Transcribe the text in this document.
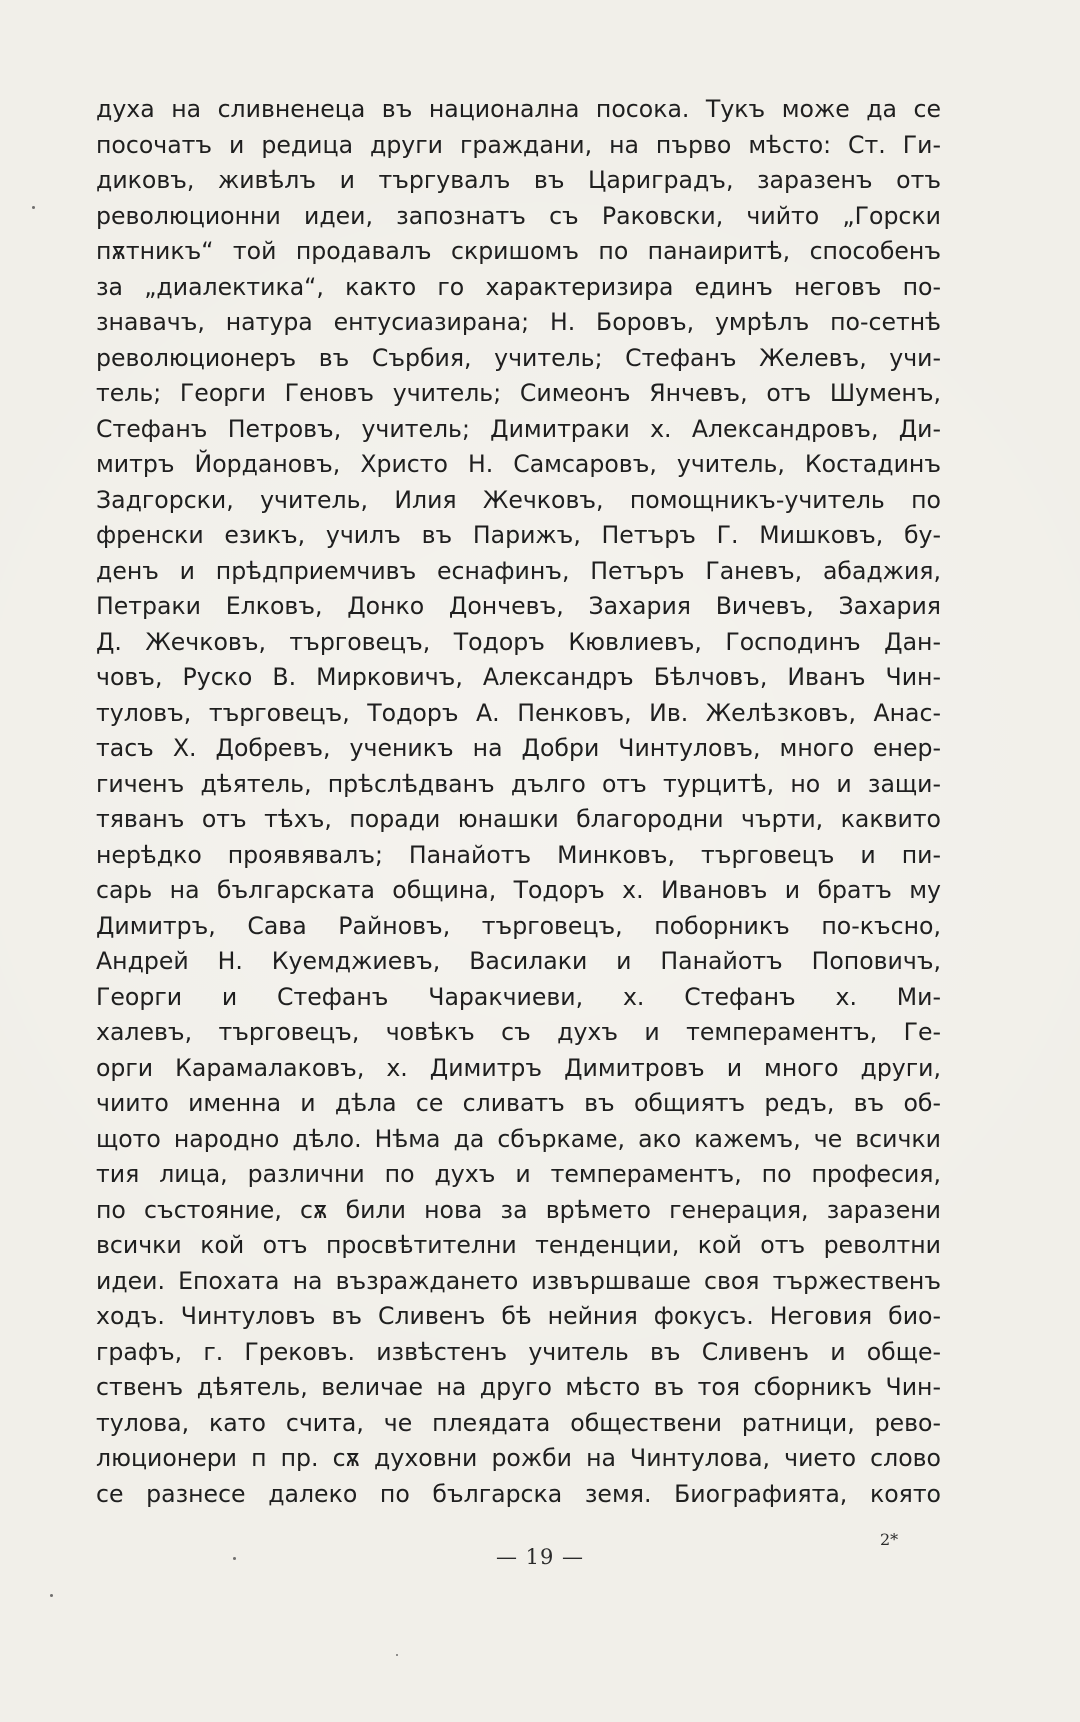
духа на сливненеца въ национална посока. Тукъ може да се
посочатъ и редица други граждани, на първо мѣсто: Ст. Ги-
диковъ, живѣлъ и търгувалъ въ Цариградъ, заразенъ отъ
революционни идеи, запознатъ съ Раковски, чийто „Горски
пѫтникъ“ той продавалъ скришомъ по панаиритѣ, способенъ
за „диалектика“, както го характеризира единъ неговъ по-
знавачъ, натура ентусиазирана; Н. Боровъ, умрѣлъ по-сетнѣ
революционеръ въ Сърбия, учитель; Стефанъ Желевъ, учи-
тель; Георги Геновъ учитель; Симеонъ Янчевъ, отъ Шуменъ,
Стефанъ Петровъ, учитель; Димитраки х. Александровъ, Ди-
митръ Йордановъ, Христо Н. Самсаровъ, учитель, Костадинъ
Задгорски, учитель, Илия Жечковъ, помощникъ-учитель по
френски езикъ, училъ въ Парижъ, Петъръ Г. Мишковъ, бу-
денъ и прѣдприемчивъ еснафинъ, Петъръ Ганевъ, абаджия,
Петраки Елковъ, Донко Дончевъ, Захария Вичевъ, Захария
Д. Жечковъ, търговецъ, Тодоръ Кювлиевъ, Господинъ Дан-
човъ, Руско В. Мирковичъ, Александръ Бѣлчовъ, Иванъ Чин-
туловъ, търговецъ, Тодоръ А. Пенковъ, Ив. Желѣзковъ, Анас-
тасъ Х. Добревъ, ученикъ на Добри Чинтуловъ, много енер-
гиченъ дѣятель, прѣслѣдванъ дълго отъ турцитѣ, но и защи-
тяванъ отъ тѣхъ, поради юнашки благородни чърти, каквито
нерѣдко проявявалъ; Панайотъ Минковъ, търговецъ и пи-
сарь на българската община, Тодоръ х. Ивановъ и братъ му
Димитръ, Сава Райновъ, търговецъ, поборникъ по-късно,
Андрей Н. Куемджиевъ, Василаки и Панайотъ Поповичъ,
Георги и Стефанъ Чаракчиеви, х. Стефанъ х. Ми-
халевъ, търговецъ, човѣкъ съ духъ и темпераментъ, Ге-
орги Карамалаковъ, х. Димитръ Димитровъ и много други,
чиито именна и дѣла се сливатъ въ общиятъ редъ, въ об-
щото народно дѣло. Нѣма да сбъркаме, ако кажемъ, че всички
тия лица, различни по духъ и темпераментъ, по професия,
по състояние, сѫ били нова за врѣмето генерация, заразени
всички кой отъ просвѣтителни тенденции, кой отъ револтни
идеи. Епохата на възраждането извършваше своя тържественъ
ходъ. Чинтуловъ въ Сливенъ бѣ нейния фокусъ. Неговия био-
графъ, г. Грековъ. извѣстенъ учитель въ Сливенъ и обще-
ственъ дѣятель, величае на друго мѣсто въ тоя сборникъ Чин-
тулова, като счита, че плеядата обществени ратници, рево-
люционери п пр. сѫ духовни рожби на Чинтулова, чието слово
се разнесе далеко по българска земя. Биографията, която
— 19 —
2*
